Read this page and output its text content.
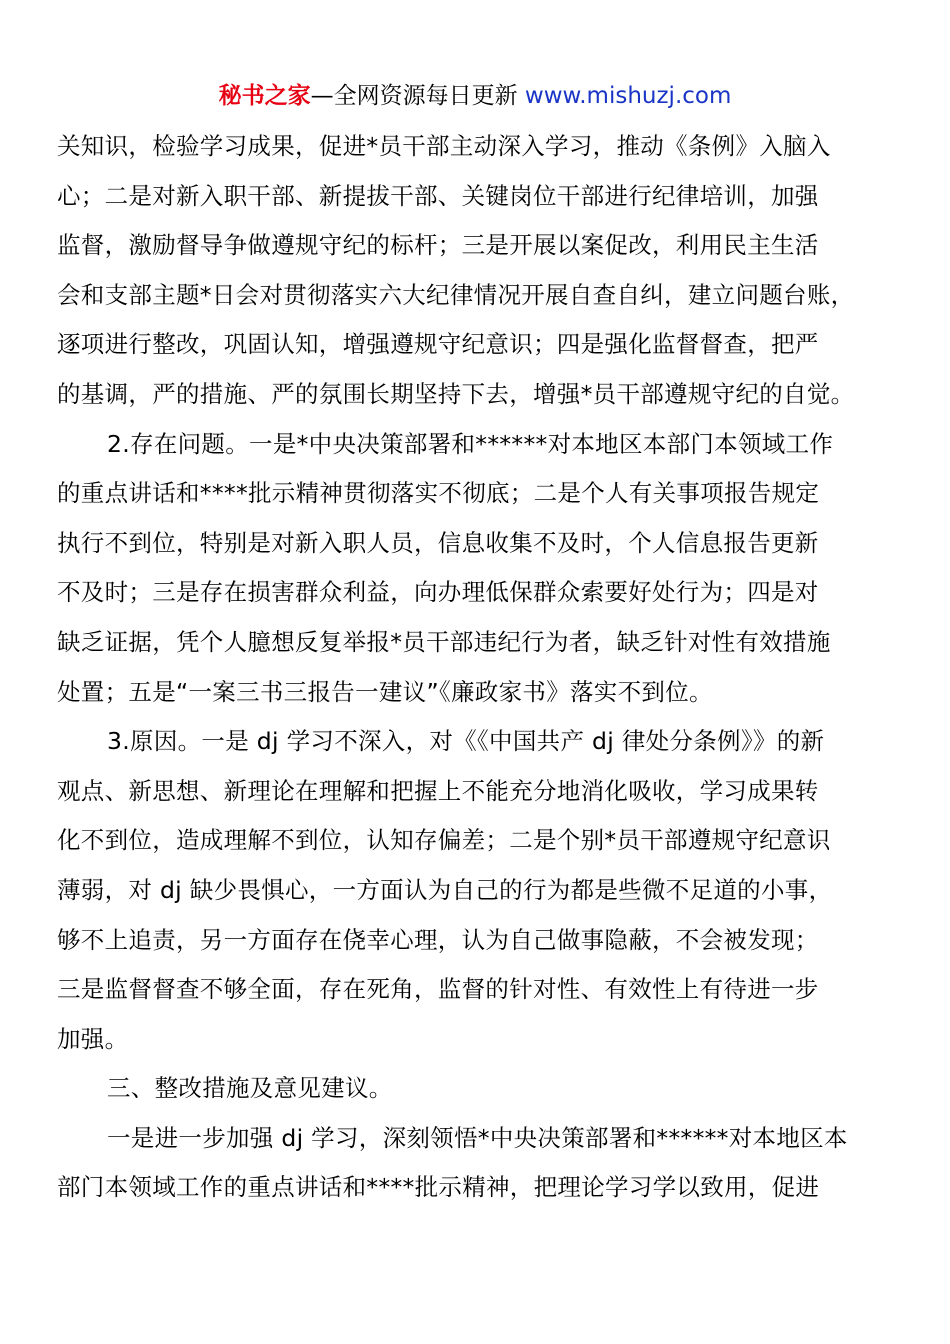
秘书之家—全网资源每日更新 www.mishuzj.com
关知识，检验学习成果，促进*员干部主动深入学习，推动《条例》入脑入
心；二是对新入职干部、新提拔干部、关键岗位干部进行纪律培训，加强
监督，激励督导争做遵规守纪的标杆；三是开展以案促改，利用民主生活
会和支部主题*日会对贯彻落实六大纪律情况开展自查自纠，建立问题台账，
逐项进行整改，巩固认知，增强遵规守纪意识；四是强化监督督查，把严
的基调，严的措施、严的氛围长期坚持下去，增强*员干部遵规守纪的自觉。
2.存在问题。一是*中央决策部署和******对本地区本部门本领域工作
的重点讲话和****批示精神贯彻落实不彻底；二是个人有关事项报告规定
执行不到位，特别是对新入职人员，信息收集不及时，个人信息报告更新
不及时；三是存在损害群众利益，向办理低保群众索要好处行为；四是对
缺乏证据，凭个人臆想反复举报*员干部违纪行为者，缺乏针对性有效措施
处置；五是“一案三书三报告一建议”《廉政家书》落实不到位。
3.原因。一是 dj 学习不深入，对《《中国共产 dj 律处分条例》》的新
观点、新思想、新理论在理解和把握上不能充分地消化吸收，学习成果转
化不到位，造成理解不到位，认知存偏差；二是个别*员干部遵规守纪意识
薄弱，对 dj 缺少畏惧心，一方面认为自己的行为都是些微不足道的小事，
够不上追责，另一方面存在侥幸心理，认为自己做事隐蔽，不会被发现；
三是监督督查不够全面，存在死角，监督的针对性、有效性上有待进一步
加强。
三、整改措施及意见建议。
一是进一步加强 dj 学习，深刻领悟*中央决策部署和******对本地区本
部门本领域工作的重点讲话和****批示精神，把理论学习学以致用，促进
